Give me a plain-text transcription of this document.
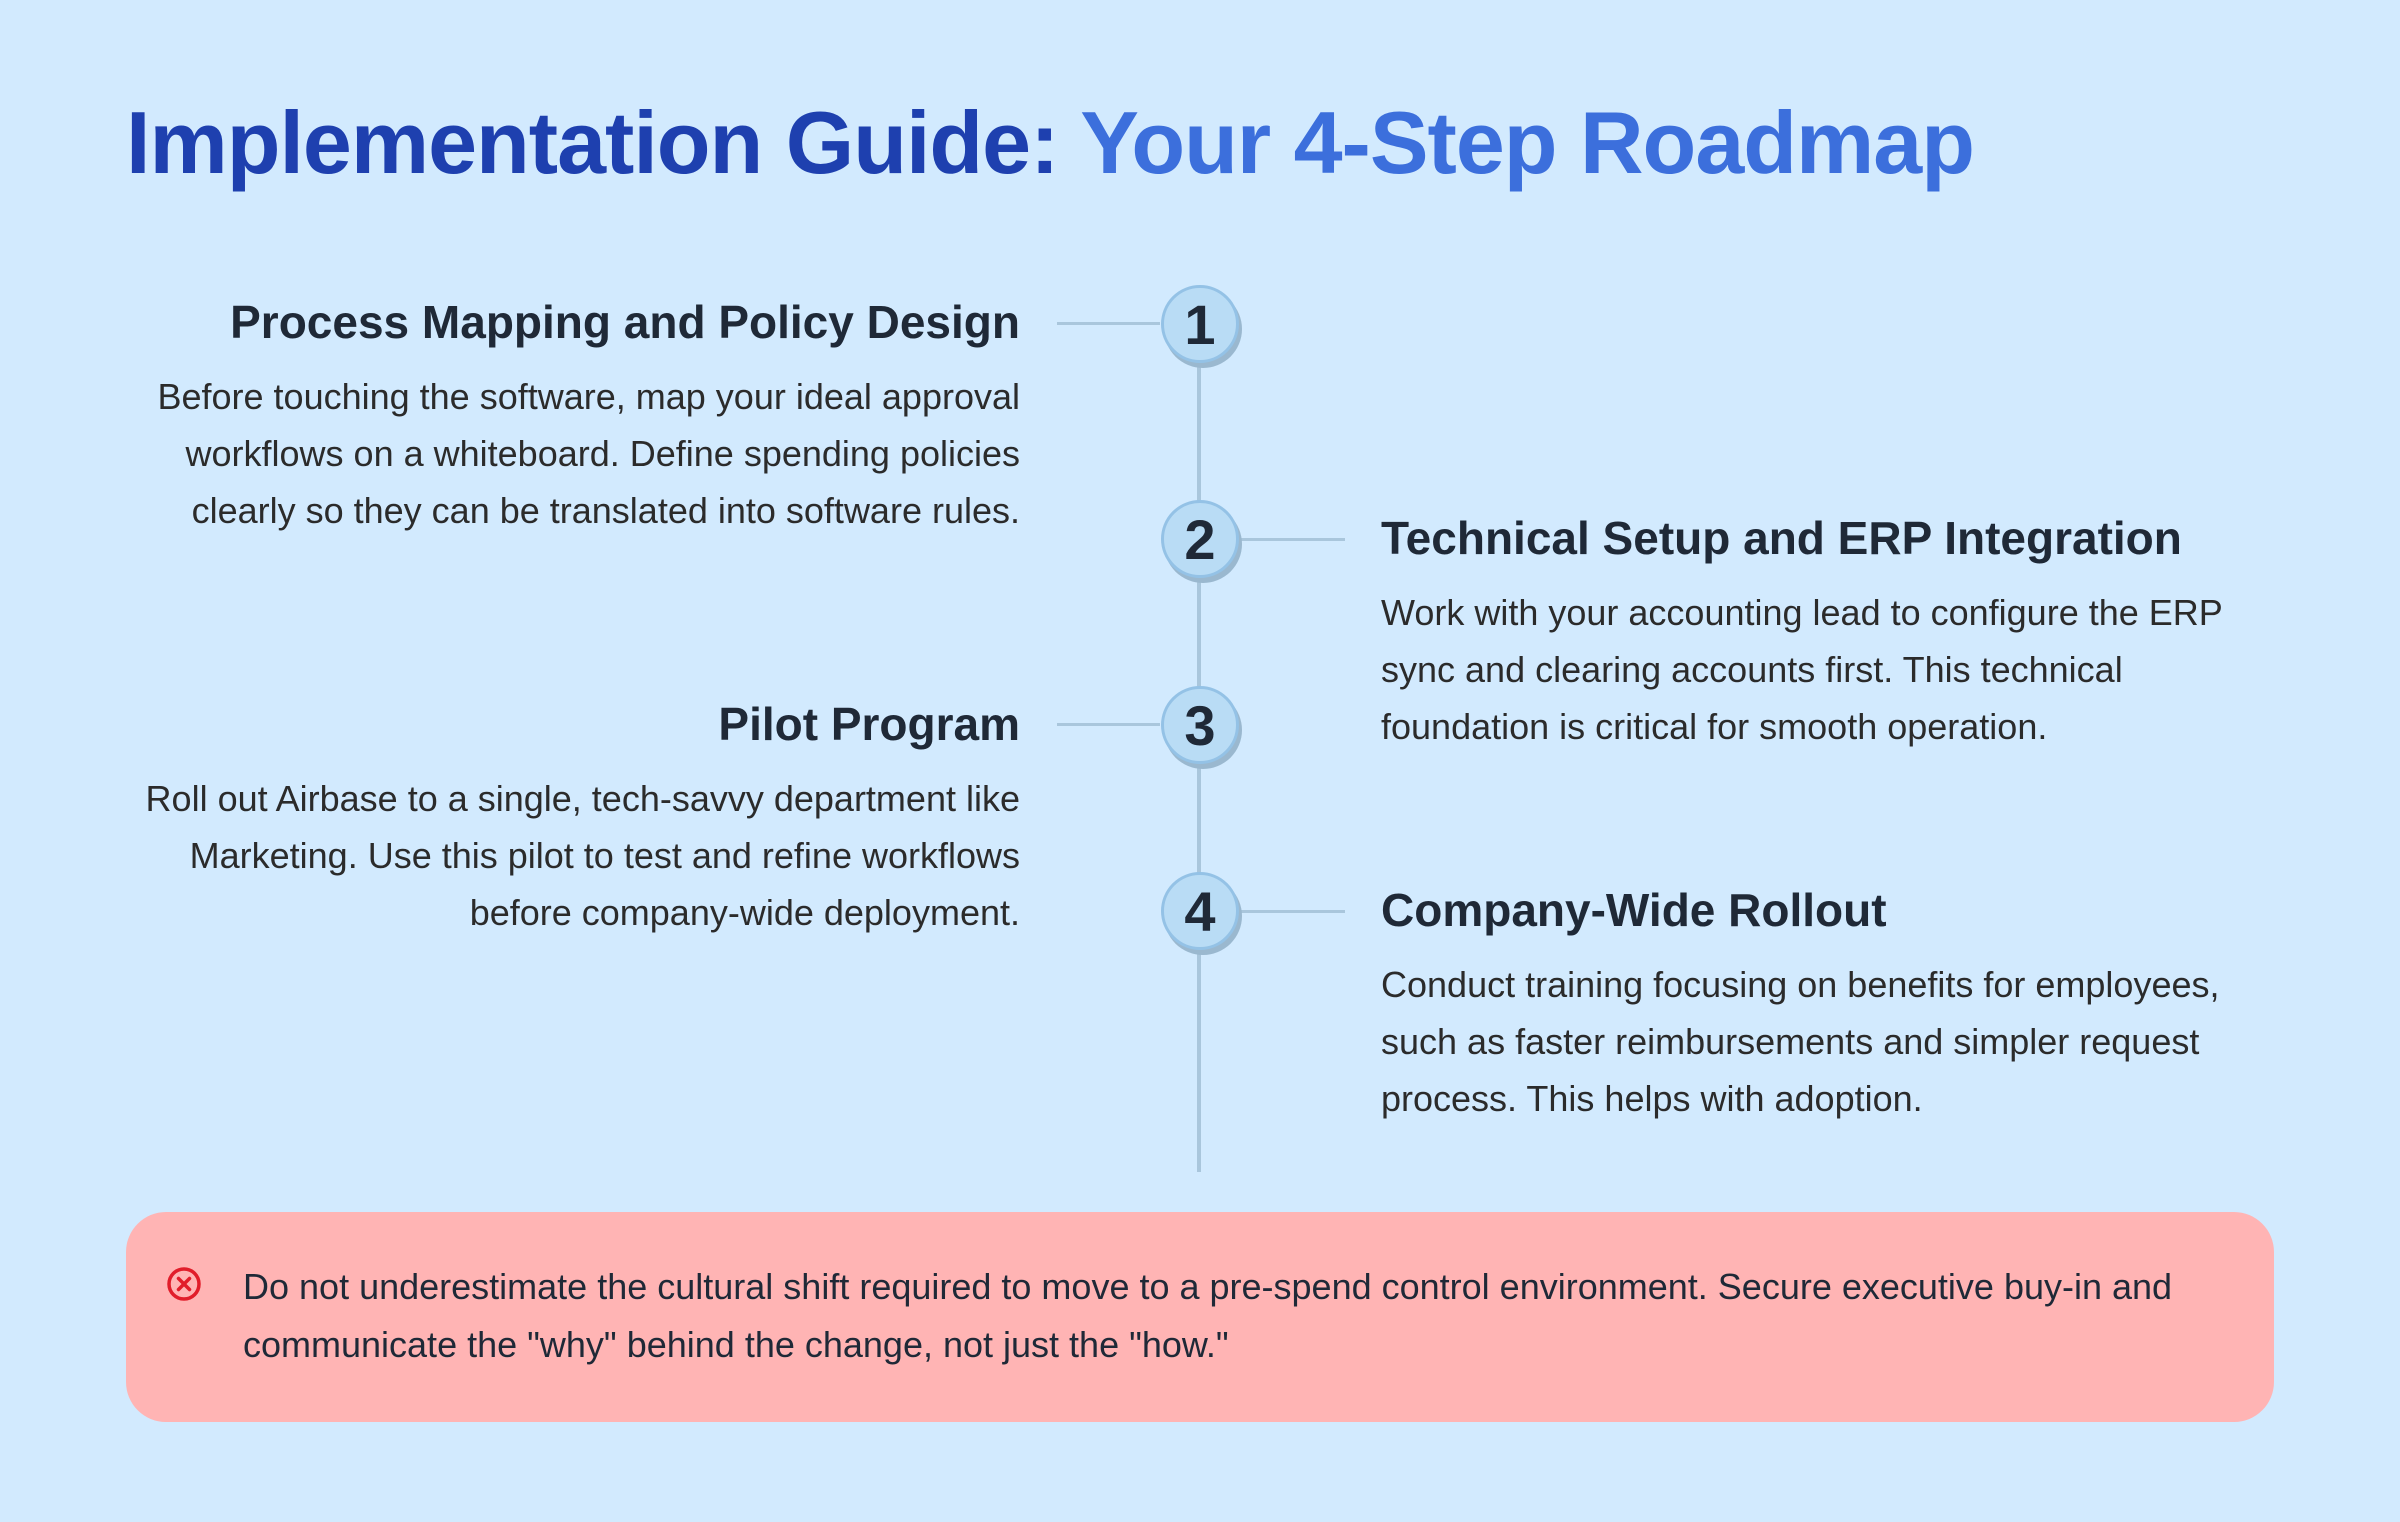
Implementation Guide: Your 4-Step Roadmap
1
2
3
4
Process Mapping and Policy Design

Before touching the software, map your ideal approval workflows on a whiteboard. Define spending policies clearly so they can be translated into software rules.

Technical Setup and ERP Integration

Work with your accounting lead to configure the ERP sync and clearing accounts first. This technical foundation is critical for smooth operation.

Pilot Program

Roll out Airbase to a single, tech-savvy department like Marketing. Use this pilot to test and refine workflows before company-wide deployment.	Company-Wide Rollout

Conduct training focusing on benefits for employees, such as faster reimbursements and simpler request process. This helps with adoption.

Do not underestimate the cultural shift required to move to a pre-spend control environment. Secure executive buy-in and communicate the "why" behind the change, not just the "how."
